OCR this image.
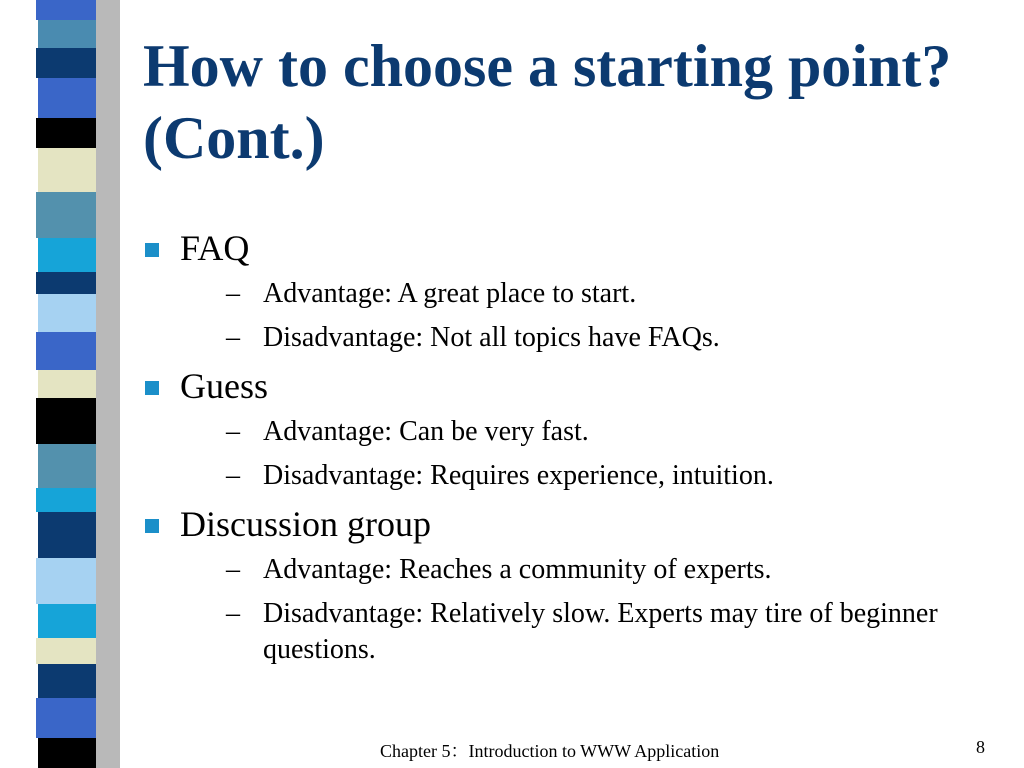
How to choose a starting point?
(Cont.)
FAQ
– Advantage: A great place to start.
– Disadvantage: Not all topics have FAQs.
Guess
– Advantage: Can be very fast.
– Disadvantage: Requires experience, intuition.
Discussion group
– Advantage: Reaches a community of experts.
– Disadvantage: Relatively slow. Experts may tire of beginner questions.
Chapter 5：Introduction to WWW Application	8
